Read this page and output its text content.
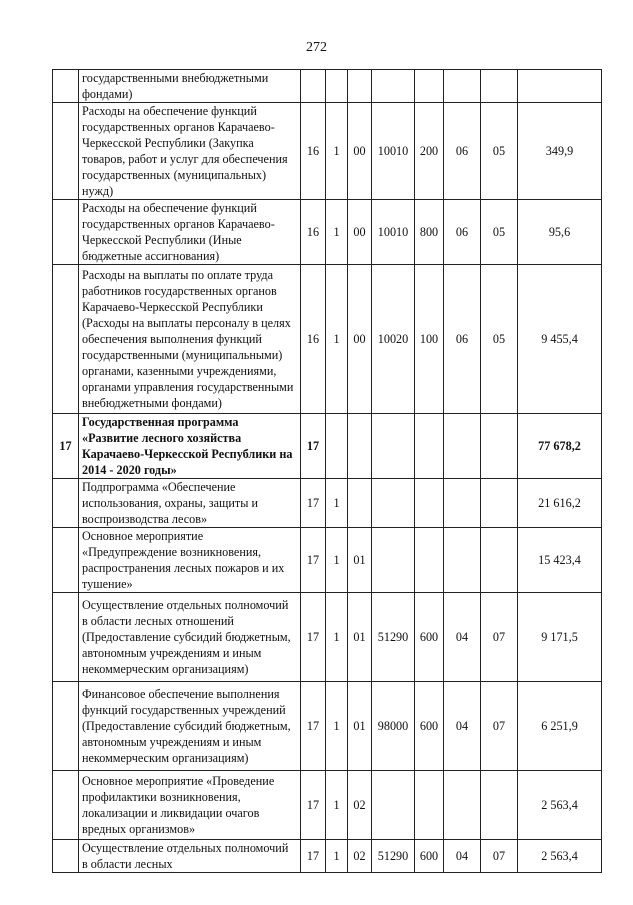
272
	государственными внебюджетными фондами)								
	Расходы на обеспечение функций государственных органов Карачаево-Черкесской Республики (Закупка товаров, работ и услуг для обеспечения государственных (муниципальных) нужд)	16	1	00	10010	200	06	05	349,9
	Расходы на обеспечение функций государственных органов Карачаево-Черкесской Республики (Иные бюджетные ассигнования)	16	1	00	10010	800	06	05	95,6
	Расходы на выплаты по оплате труда работников государственных органов Карачаево-Черкесской Республики (Расходы на выплаты персоналу в целях обеспечения выполнения функций государственными (муниципальными) органами, казенными учреждениями, органами управления государственными внебюджетными фондами)	16	1	00	10020	100	06	05	9 455,4
17	Государственная программа «Развитие лесного хозяйства Карачаево-Черкесской Республики на 2014 - 2020 годы»	17							77 678,2
	Подпрограмма «Обеспечение использования, охраны, защиты и воспроизводства лесов»	17	1						21 616,2
	Основное мероприятие «Предупреждение возникновения, распространения лесных пожаров и их тушение»	17	1	01					15 423,4
	Осуществление отдельных полномочий в области лесных отношений (Предоставление субсидий бюджетным, автономным учреждениям и иным некоммерческим организациям)	17	1	01	51290	600	04	07	9 171,5
	Финансовое обеспечение выполнения функций государственных учреждений (Предоставление субсидий бюджетным, автономным учреждениям и иным некоммерческим организациям)	17	1	01	98000	600	04	07	6 251,9
	Основное мероприятие «Проведение профилактики возникновения, локализации и ликвидации очагов вредных организмов»	17	1	02					2 563,4
	Осуществление отдельных полномочий в области лесных	17	1	02	51290	600	04	07	2 563,4
